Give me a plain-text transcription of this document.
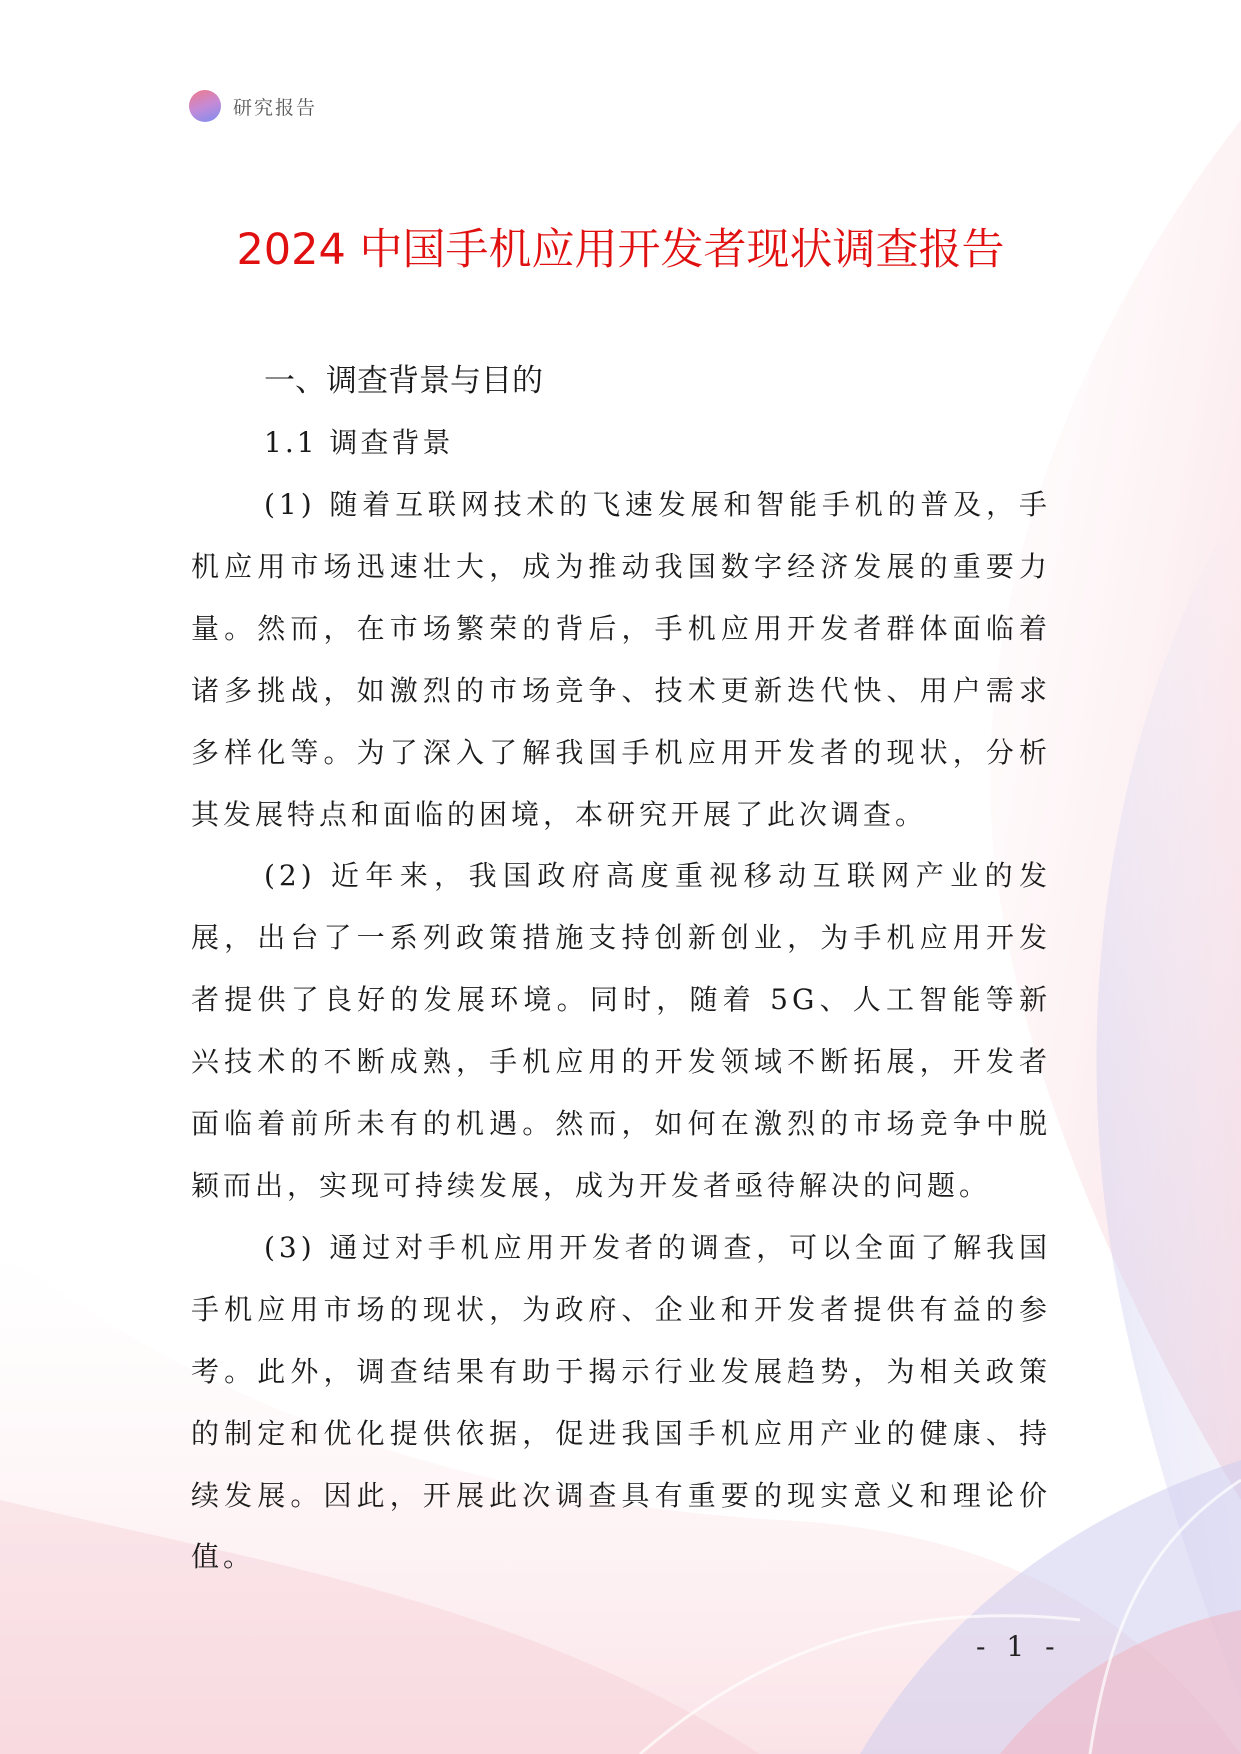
研究报告
2024 中国手机应用开发者现状调查报告
一、调查背景与目的
1.1 调查背景

(1) 随着互联网技术的飞速发展和智能手机的普及，手机应用市场迅速壮大，成为推动我国数字经济发展的重要力量。然而，在市场繁荣的背后，手机应用开发者群体面临着诸多挑战，如激烈的市场竞争、技术更新迭代快、用户需求多样化等。为了深入了解我国手机应用开发者的现状，分析其发展特点和面临的困境，本研究开展了此次调查。

(2) 近年来，我国政府高度重视移动互联网产业的发展，出台了一系列政策措施支持创新创业，为手机应用开发者提供了良好的发展环境。同时，随着 5G、人工智能等新兴技术的不断成熟，手机应用的开发领域不断拓展，开发者面临着前所未有的机遇。然而，如何在激烈的市场竞争中脱颖而出，实现可持续发展，成为开发者亟待解决的问题。

(3) 通过对手机应用开发者的调查，可以全面了解我国手机应用市场的现状，为政府、企业和开发者提供有益的参考。此外，调查结果有助于揭示行业发展趋势，为相关政策的制定和优化提供依据，促进我国手机应用产业的健康、持续发展。因此，开展此次调查具有重要的现实意义和理论价值。

- 1 -
